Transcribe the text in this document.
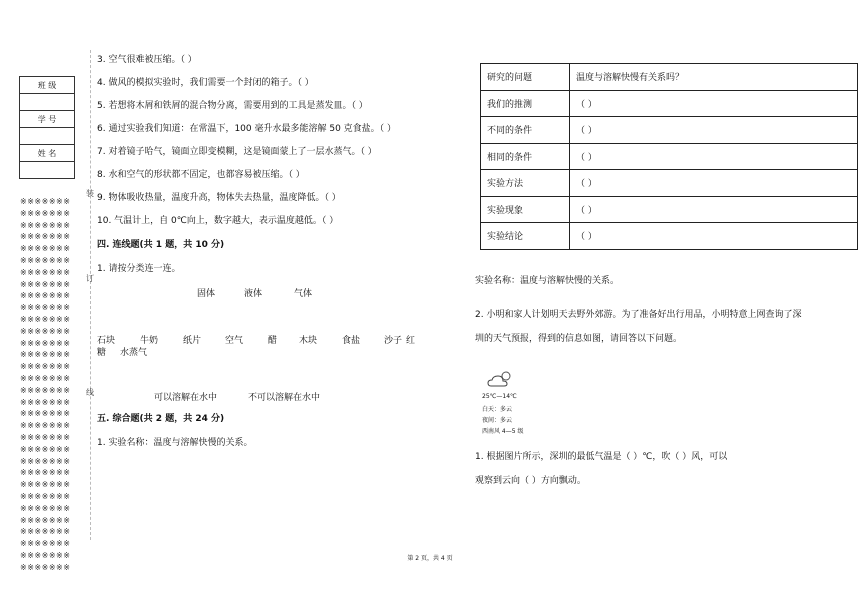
班 级

学 号

姓 名

※※※※※※※
※※※※※※※
※※※※※※※
※※※※※※※
※※※※※※※
※※※※※※※
※※※※※※※
※※※※※※※
※※※※※※※
※※※※※※※
※※※※※※※
※※※※※※※
※※※※※※※
※※※※※※※
※※※※※※※
※※※※※※※
※※※※※※※
※※※※※※※
※※※※※※※
※※※※※※※
※※※※※※※
※※※※※※※
※※※※※※※
※※※※※※※
※※※※※※※
※※※※※※※
※※※※※※※
※※※※※※※
※※※※※※※
※※※※※※※
※※※※※※※
※※※※※※※
装
订
线
3. 空气很难被压缩。（ ）
4. 做风的模拟实验时，我们需要一个封闭的箱子。（ ）
5. 若想将木屑和铁屑的混合物分离，需要用到的工具是蒸发皿。（ ）
6. 通过实验我们知道：在常温下，100 毫升水最多能溶解 50 克食盐。（ ）
7. 对着镜子哈气，镜面立即变模糊，这是镜面蒙上了一层水蒸气。（ ）
8. 水和空气的形状都不固定，也都容易被压缩。（ ）
9. 物体吸收热量，温度升高，物体失去热量，温度降低。（ ）
10. 气温计上，自 0℃向上，数字越大，表示温度越低。（ ）
四. 连线题(共 1 题，共 10 分)
1. 请按分类连一连。
固体	液体	气体
石块	牛奶	纸片	空气	醋 木块	食盐	沙子 红
糖 水蒸气
可以溶解在水中	不可以溶解在水中
五. 综合题(共 2 题，共 24 分)
1. 实验名称：温度与溶解快慢的关系。
研究的问题	温度与溶解快慢有关系吗？
我们的推测	（ ）
不同的条件	（ ）
相同的条件	（ ）
实验方法	（ ）
实验现象	（ ）
实验结论	（ ）
实验名称：温度与溶解快慢的关系。
2. 小明和家人计划明天去野外郊游。为了准备好出行用品，小明特意上网查询了深
圳的天气预报，得到的信息如图，请回答以下问题。
25℃—14℃
白天：多云
夜间：多云
西南风 4—5 级
1. 根据图片所示，深圳的最低气温是（ ）℃，吹（ ）风，可以
观察到云向（ ）方向飘动。
第 2 页，共 4 页
